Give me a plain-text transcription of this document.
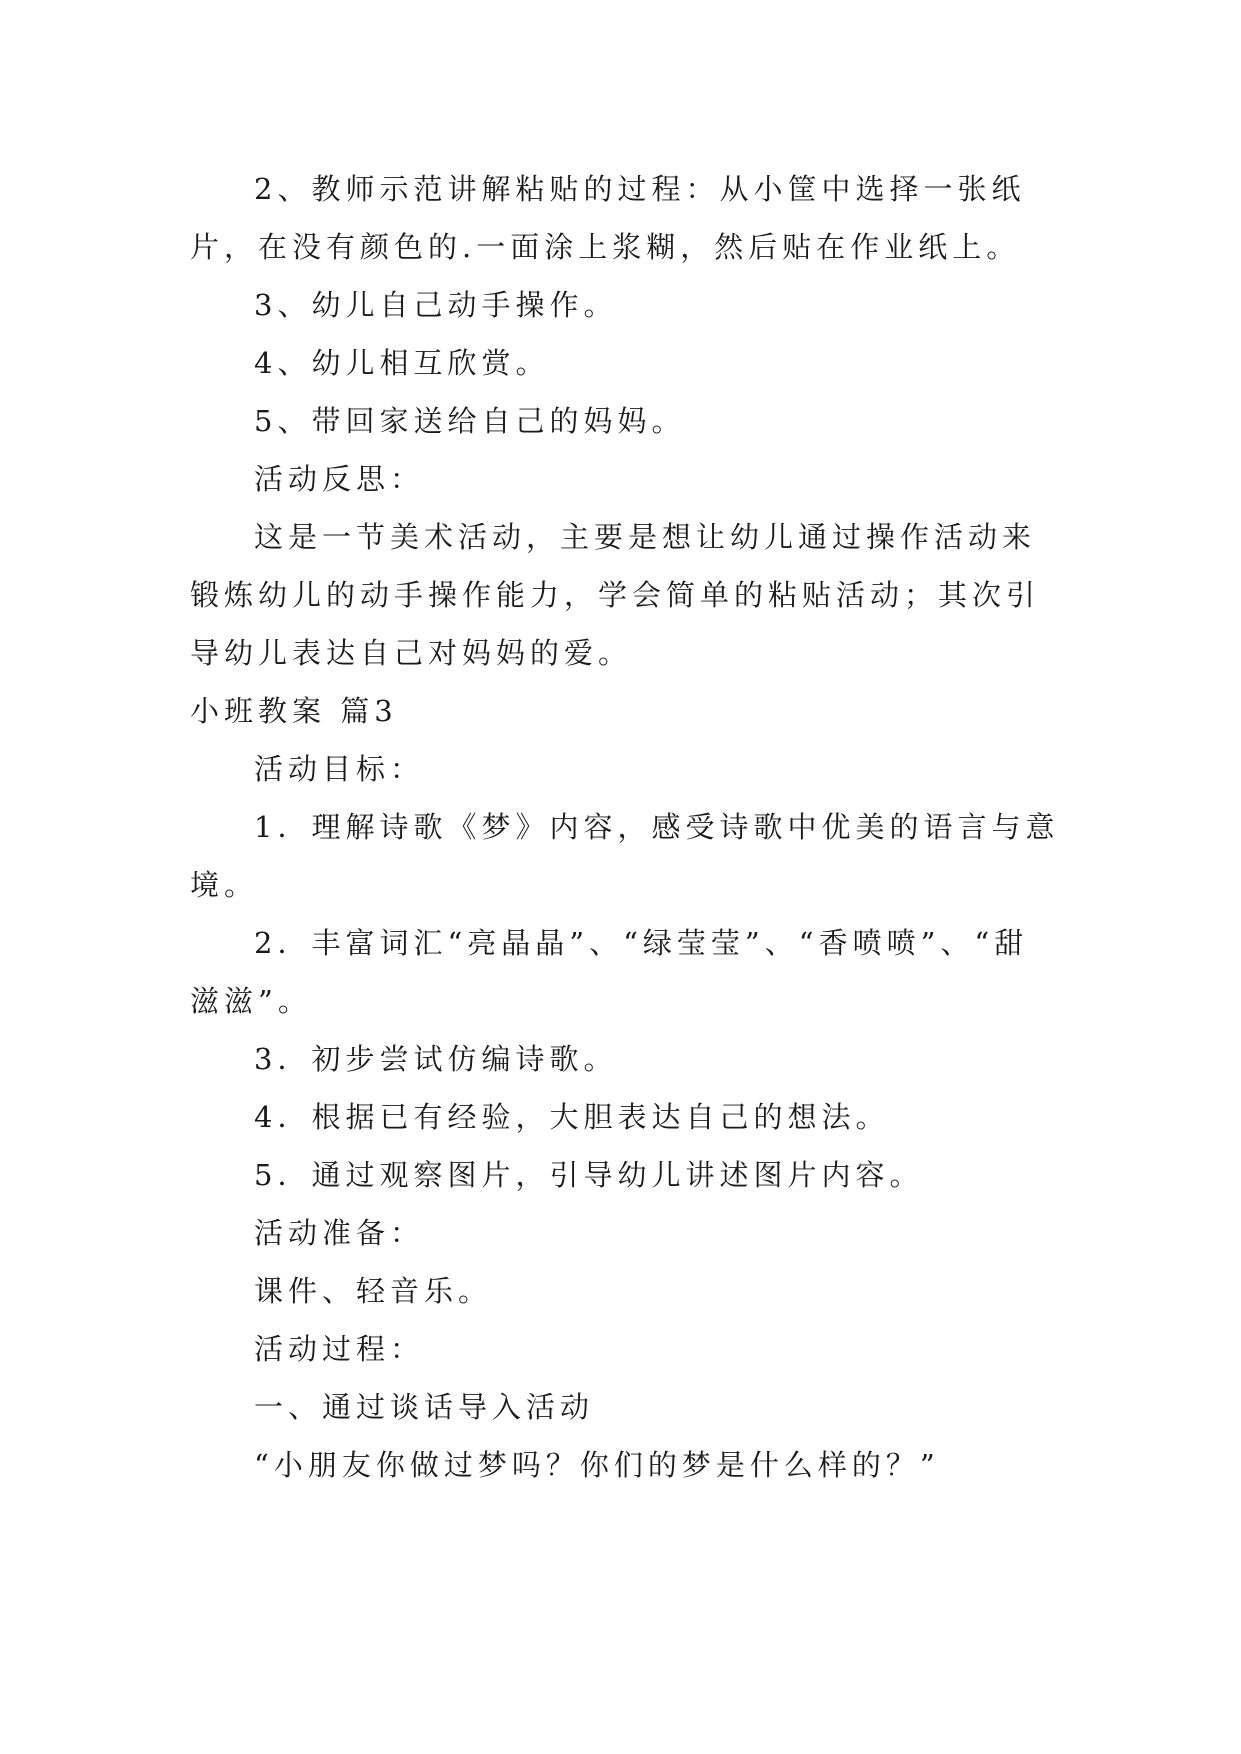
2、教师示范讲解粘贴的过程：从小筐中选择一张纸片，在没有颜色的.一面涂上浆糊，然后贴在作业纸上。

3、幼儿自己动手操作。

4、幼儿相互欣赏。

5、带回家送给自己的妈妈。

活动反思：

这是一节美术活动，主要是想让幼儿通过操作活动来锻炼幼儿的动手操作能力，学会简单的粘贴活动；其次引导幼儿表达自己对妈妈的爱。

小班教案 篇3

活动目标：

1．理解诗歌《梦》内容，感受诗歌中优美的语言与意境。

2．丰富词汇“亮晶晶”、“绿莹莹”、“香喷喷”、“甜滋滋”。

3．初步尝试仿编诗歌。

4．根据已有经验，大胆表达自己的想法。

5．通过观察图片，引导幼儿讲述图片内容。

活动准备：

课件、轻音乐。

活动过程：

一、通过谈话导入活动

“小朋友你做过梦吗？你们的梦是什么样的？”
